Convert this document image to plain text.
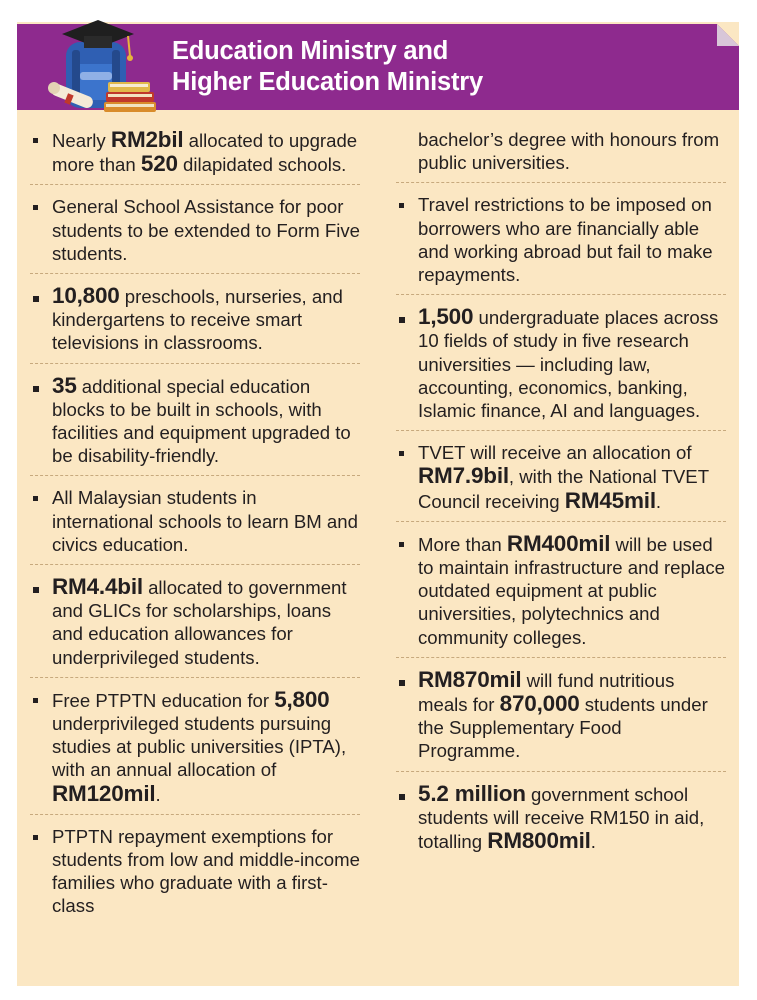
Education Ministry and
Higher Education Ministry
Nearly RM2bil allocated to upgrade more than 520 dilapidated schools.
General School Assistance for poor students to be extended to Form Five students.
10,800 preschools, nurseries, and kindergartens to receive smart televisions in classrooms.
35 additional special education blocks to be built in schools, with facilities and equipment upgraded to be disability-friendly.
All Malaysian students in international schools to learn BM and civics education.
RM4.4bil allocated to government and GLICs for scholarships, loans and education allowances for underprivileged students.
Free PTPTN education for 5,800 underprivileged students pursuing studies at public universities (IPTA), with an annual allocation of RM120mil.
PTPTN repayment exemptions for students from low and middle-income families who graduate with a first-class
bachelor’s degree with honours from public universities.
Travel restrictions to be imposed on borrowers who are financially able and working abroad but fail to make repayments.
1,500 undergraduate places across 10 fields of study in five research universities — including law, accounting, economics, banking, Islamic finance, AI and languages.
TVET will receive an allocation of RM7.9bil, with the National TVET Council receiving RM45mil.
More than RM400mil will be used to maintain infrastructure and replace outdated equipment at public universities, polytechnics and community colleges.
RM870mil will fund nutritious meals for 870,000 students under the Supplementary Food Programme.
5.2 million government school students will receive RM150 in aid, totalling RM800mil.
